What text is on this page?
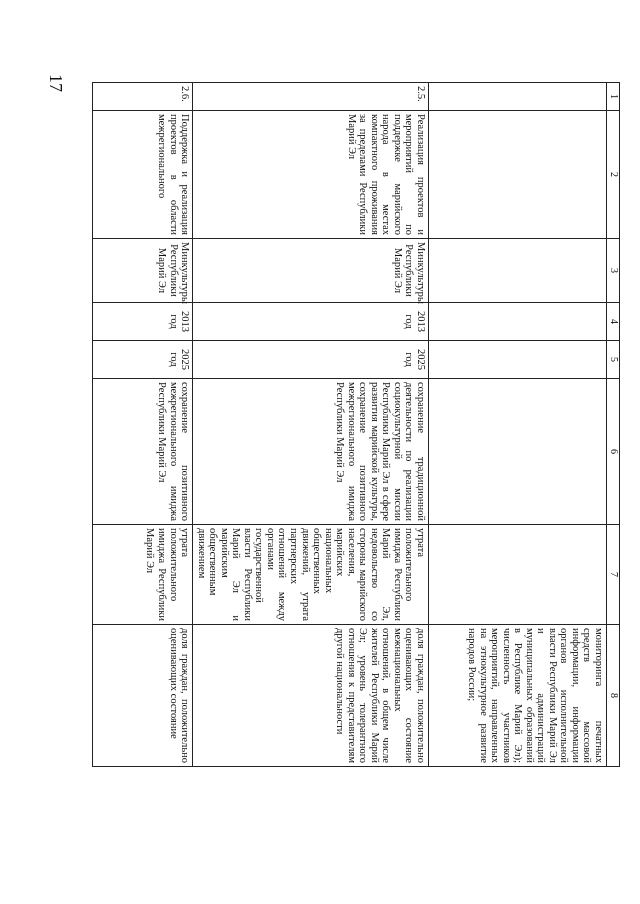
17
1	2	3	4	5	6	7	8
							мониторинга печатных средств массовой информации, информации органов исполнительной власти Республики Марий Эл и администраций муниципальных образований в Республике Марий Эл); численность участников мероприятий, направленных на этнокультурное развитие народов России;
2.5.	Реализация проектов и мероприятий по поддержке марийского народа в местах компактного проживания за пределами Республики Марий Эл	Минкультуры Республики Марий Эл	2013 год	2025 год	сохранение традиционной деятельности по реализации социокультурной миссии Республики Марий Эл в сфере развития марийской культуры, сохранение позитивного межрегионального имиджа Республики Марий Эл	утрата положительного имиджа Республики Марий Эл, недовольство со стороны марийского населения, марийских национальных общественных движений, утрата партнерских отношений между органами государственной власти Республики Марий Эл и марийским общественным движением	доля граждан, положительно оценивающих состояние межнациональных отношений, в общем числе жителей Республики Марий Эл; уровень толерантного отношения к представителям другой национальности
2.6.	Поддержка и реализация проектов в области межрегионального	Минкультуры Республики Марий Эл	2013 год	2025 год	сохранение позитивного межрегионального имиджа Республики Марий Эл	утрата положительного имиджа Республики Марий Эл	доля граждан, положительно оценивающих состояние
